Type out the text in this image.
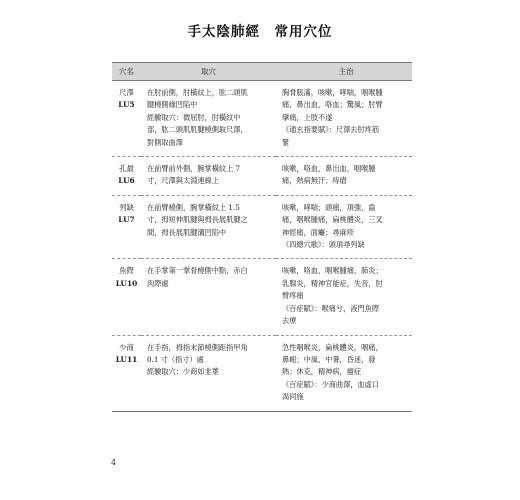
手太陰肺經　常用穴位
穴名	取穴	主治

尺澤
LU5	在肘前側，肘橫紋上，肱二頭肌
腱橈側緣凹陷中
經驗取穴：微屈肘，肘橫紋中
部，肱二頭肌肌腱橈側取尺澤，
對側取曲澤	胸脅脹滿，咳嗽，哮喘，咽喉腫
痛，鼻出血，咯血；驚風；肘臂
攣痛，上肢不遂
《通玄指要賦》：尺澤去肘疼筋
緊

孔最
LU6	在前臂前外側，腕掌橫紋上 7
寸，尺澤與太淵連線上	咳嗽，咯血，鼻出血，咽喉腫
痛，熱病無汗；痔瘡

列缺
LU7	在前臂橈側，腕掌橫紋上 1.5
寸，拇短伸肌腱與拇長展肌腱之
間，拇長展肌腱溝凹陷中	咳嗽，哮喘；頭痛，項強，齒
痛，咽喉腫痛，扁桃體炎，三叉
神經痛，面癱；尋麻疹
《四總穴歌》：頭項尋列缺

魚際
LU10	在手掌第一掌骨橈側中點，赤白
肉際處	咳嗽，咯血，咽喉腫痛，肺炎；
乳腺炎，精神官能症，失音，肘
臂疼痛
《百症賦》：喉痛兮，液門魚際
去療

少商
LU11	在手指，拇指末節橈側距指甲角
0.1 寸（指寸）處
經驗取穴：少商如韭葉	急性咽喉炎，扁桃體炎，咽痛，
鼻衄；中風，中暑，昏迷，發
熱；休克，精神病，癔症
《百症賦》：少商曲澤，血虛口
渴同施
4
